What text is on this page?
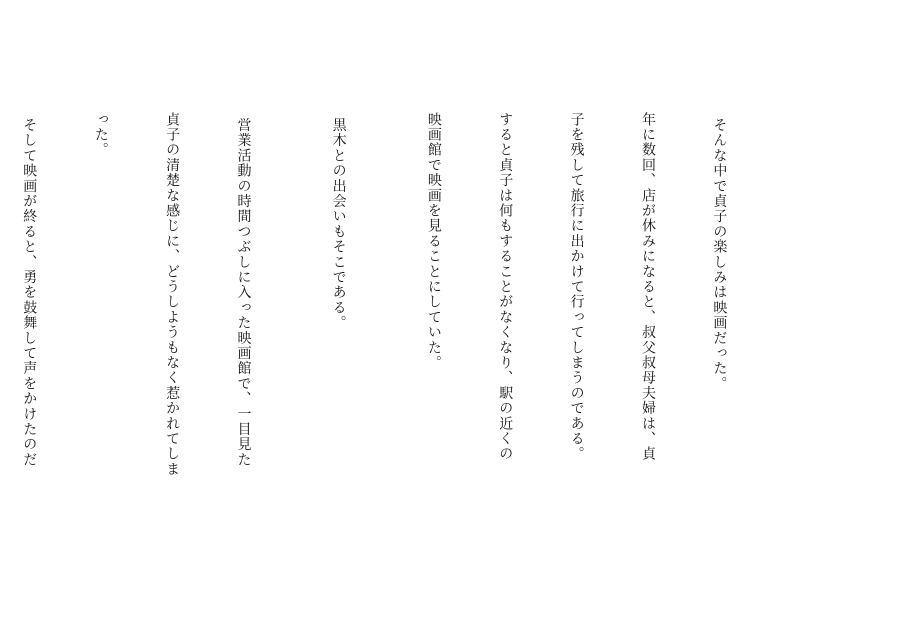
そんな中で貞子の楽しみは映画だった。

年に数回、店が休みになると、叔父叔母夫婦は、貞

子を残して旅行に出かけて行ってしまうのである。

すると貞子は何もすることがなくなり、駅の近くの

映画館で映画を見ることにしていた。

黒木との出会いもそこである。

営業活動の時間つぶしに入った映画館で、一目見た

貞子の清楚な感じに、どうしようもなく惹かれてしま

った。

そして映画が終ると、勇を鼓舞して声をかけたのだ
